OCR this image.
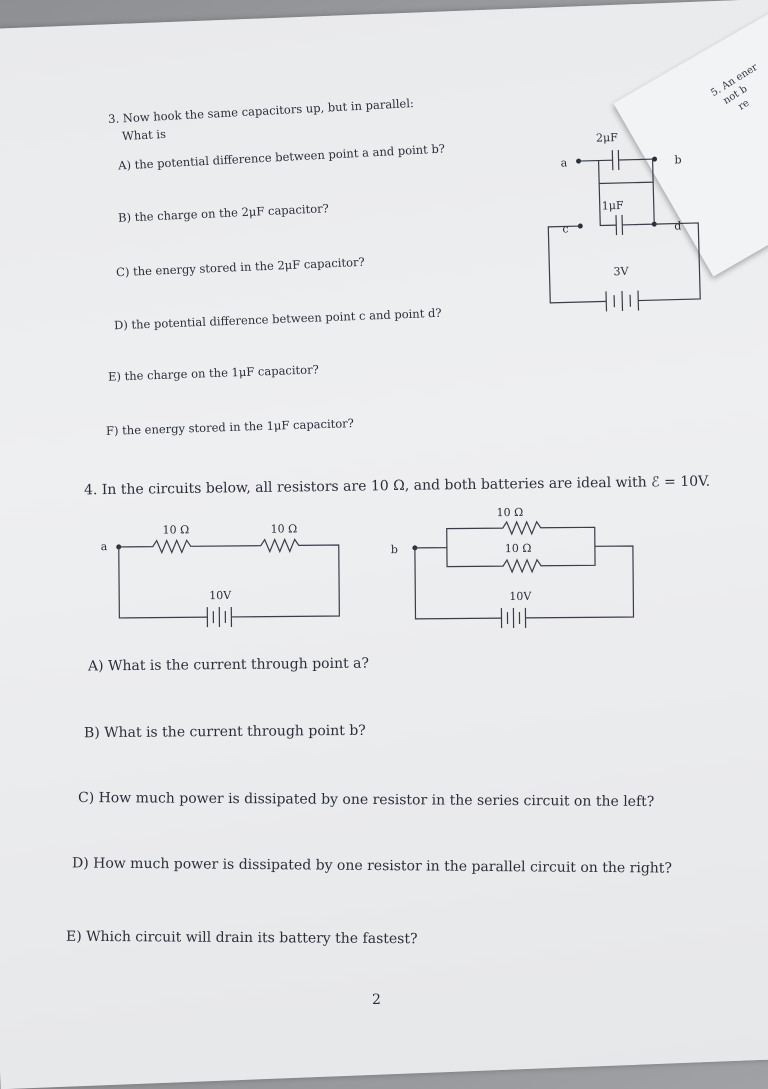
5. An ener
not b
re
3. Now hook the same capacitors up, but in parallel:
What is
A) the potential difference between point a and point b?
B) the charge on the 2μF capacitor?
C) the energy stored in the 2μF capacitor?
D) the potential difference between point c and point d?
E) the charge on the 1μF capacitor?
F) the energy stored in the 1μF capacitor?
2μF
a	b
1μF
c	d
3V
4. In the circuits below, all resistors are 10 Ω, and both batteries are ideal with ℰ = 10V.
a
10 Ω	10 Ω
10V
10 Ω
10 Ω
b
10V
A) What is the current through point a?
B) What is the current through point b?
C) How much power is dissipated by one resistor in the series circuit on the left?
D) How much power is dissipated by one resistor in the parallel circuit on the right?
E) Which circuit will drain its battery the fastest?
2
